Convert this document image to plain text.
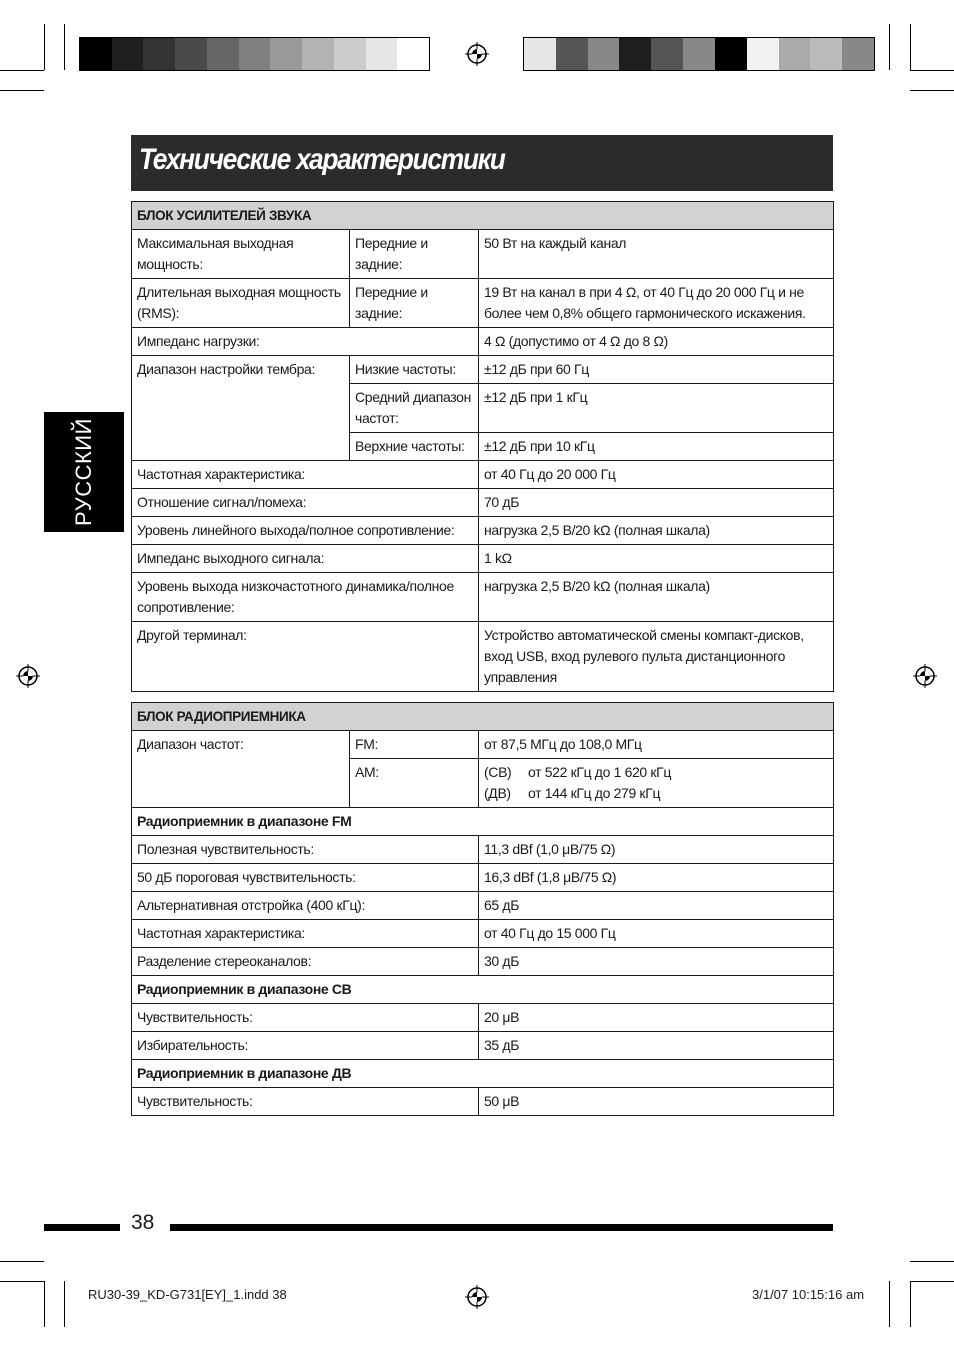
Технические характеристики
РУССКИЙ
БЛОК УСИЛИТЕЛЕЙ ЗВУКА		
Максимальная выходная мощность:	Передние и задние:	50 Вт на каждый канал
Длительная выходная мощность (RMS):	Передние и задние:	19 Вт на канал в при 4 Ω, от 40 Гц до 20 000 Гц и не более чем 0,8% общего гармонического искажения.
Импеданс нагрузки:		4 Ω (допустимо от 4 Ω до 8 Ω)
Диапазон настройки тембра:	Низкие частоты:	±12 дБ при 60 Гц
	Средний диапазон частот:	±12 дБ при 1 кГц
	Верхние частоты:	±12 дБ при 10 кГц
Частотная характеристика:		от 40 Гц до 20 000 Гц
Отношение сигнал/помеха:		70 дБ
Уровень линейного выхода/полное сопротивление:		нагрузка 2,5 В/20 kΩ (полная шкала)
Импеданс выходного сигнала:		1 kΩ
Уровень выхода низкочастотного динамика/полное сопротивление:		нагрузка 2,5 В/20 kΩ (полная шкала)
Другой терминал:		Устройство автоматической смены компакт-дисков, вход USB, вход рулевого пульта дистанционного управления
БЛОК РАДИОПРИЕМНИКА		
Диапазон частот:	FM:	от 87,5 МГц до 108,0 МГц
	AM:	(СВ) от 522 кГц до 1 620 кГц
(ДВ) от 144 кГц до 279 кГц

Радиоприемник в диапазоне FM		
Полезная чувствительность:		11,3 dBf (1,0 μВ/75 Ω)
50 дБ пороговая чувствительность:		16,3 dBf (1,8 μВ/75 Ω)
Альтернативная отстройка (400 кГц):		65 дБ
Частотная характеристика:		от 40 Гц до 15 000 Гц
Разделение стереоканалов:		30 дБ
Радиоприемник в диапазоне СВ		
Чувствительность:		20 μВ
Избирательность:		35 дБ
Радиоприемник в диапазоне ДВ		
Чувствительность:		50 μВ
38
RU30-39_KD-G731[EY]_1.indd 38	3/1/07 10:15:16 am
